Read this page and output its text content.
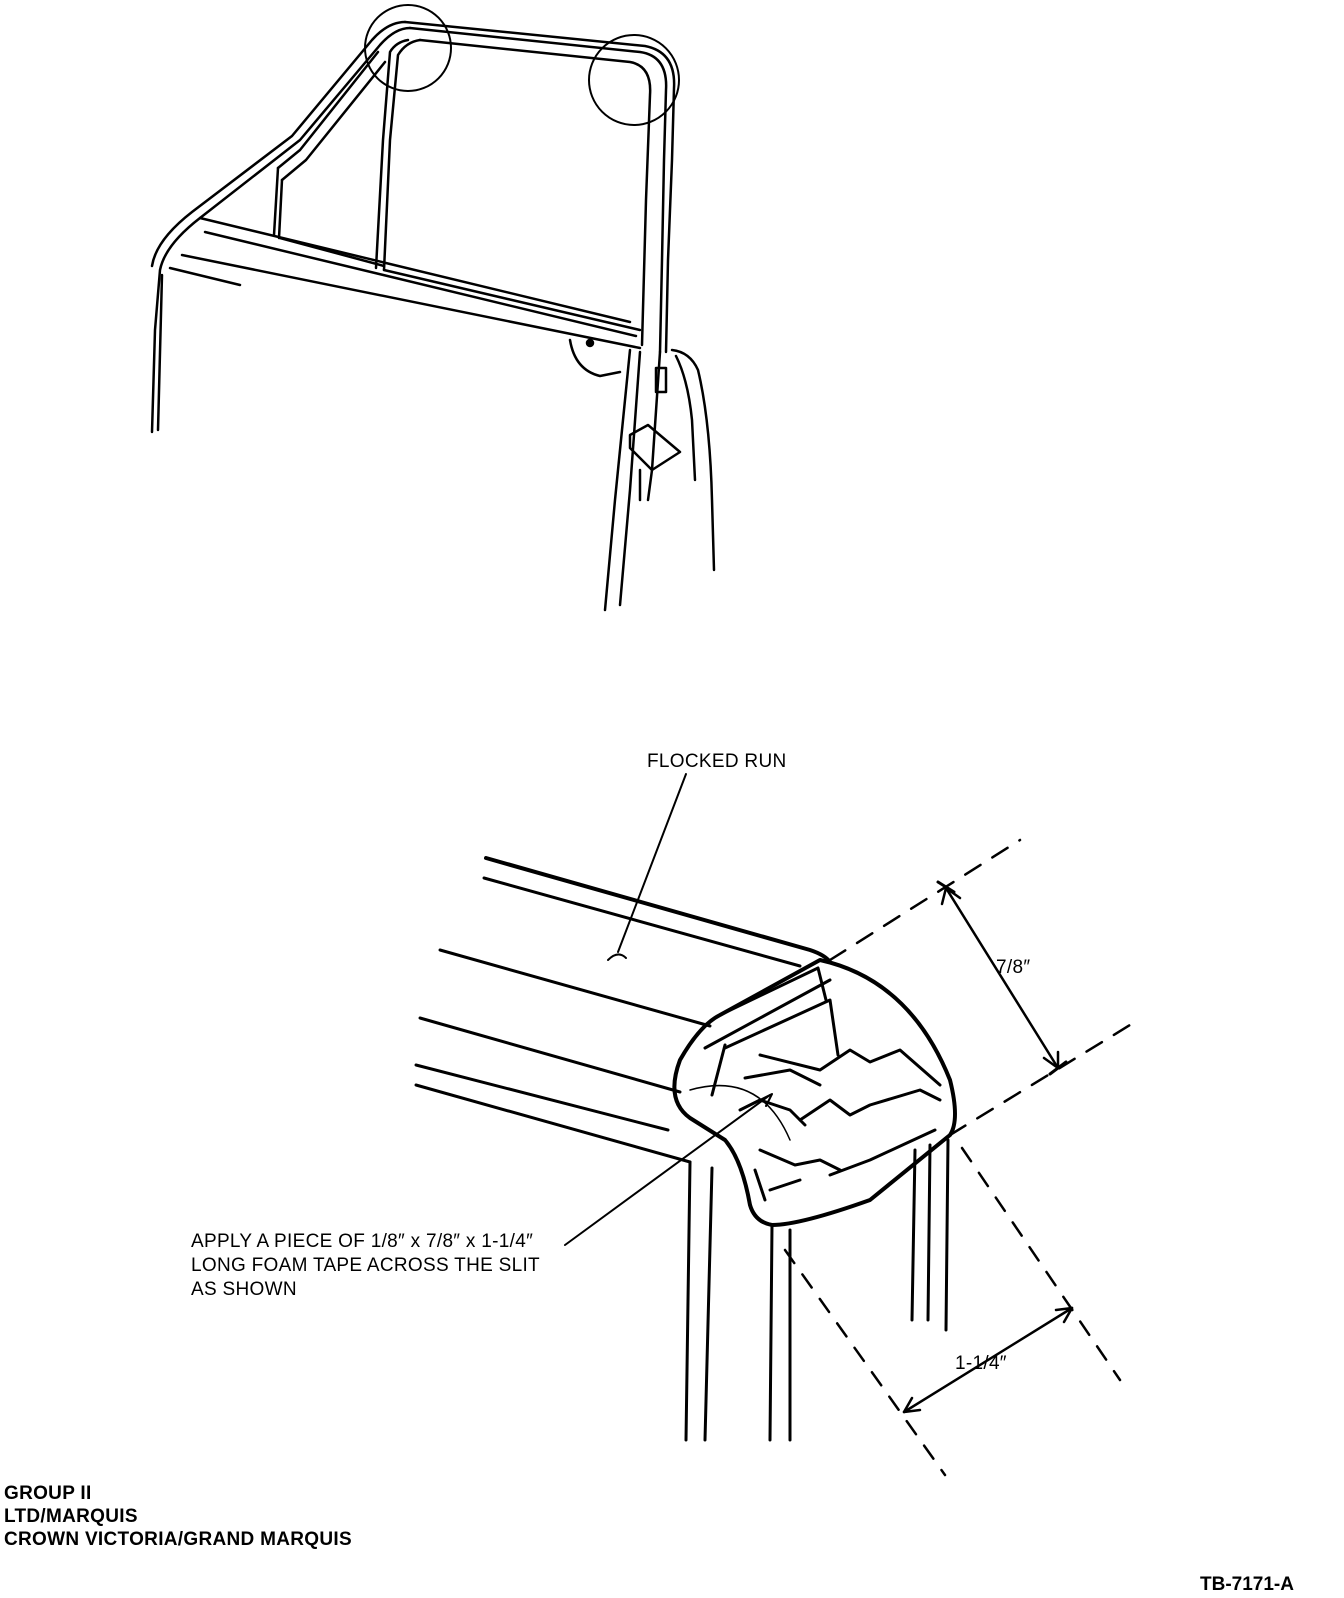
FLOCKED RUN
APPLY A PIECE OF 1/8″ x 7/8″ x 1-1/4″
LONG FOAM TAPE ACROSS THE SLIT
AS SHOWN
7/8″
1-1/4″
GROUP II
LTD/MARQUIS
CROWN VICTORIA/GRAND MARQUIS
TB-7171-A
